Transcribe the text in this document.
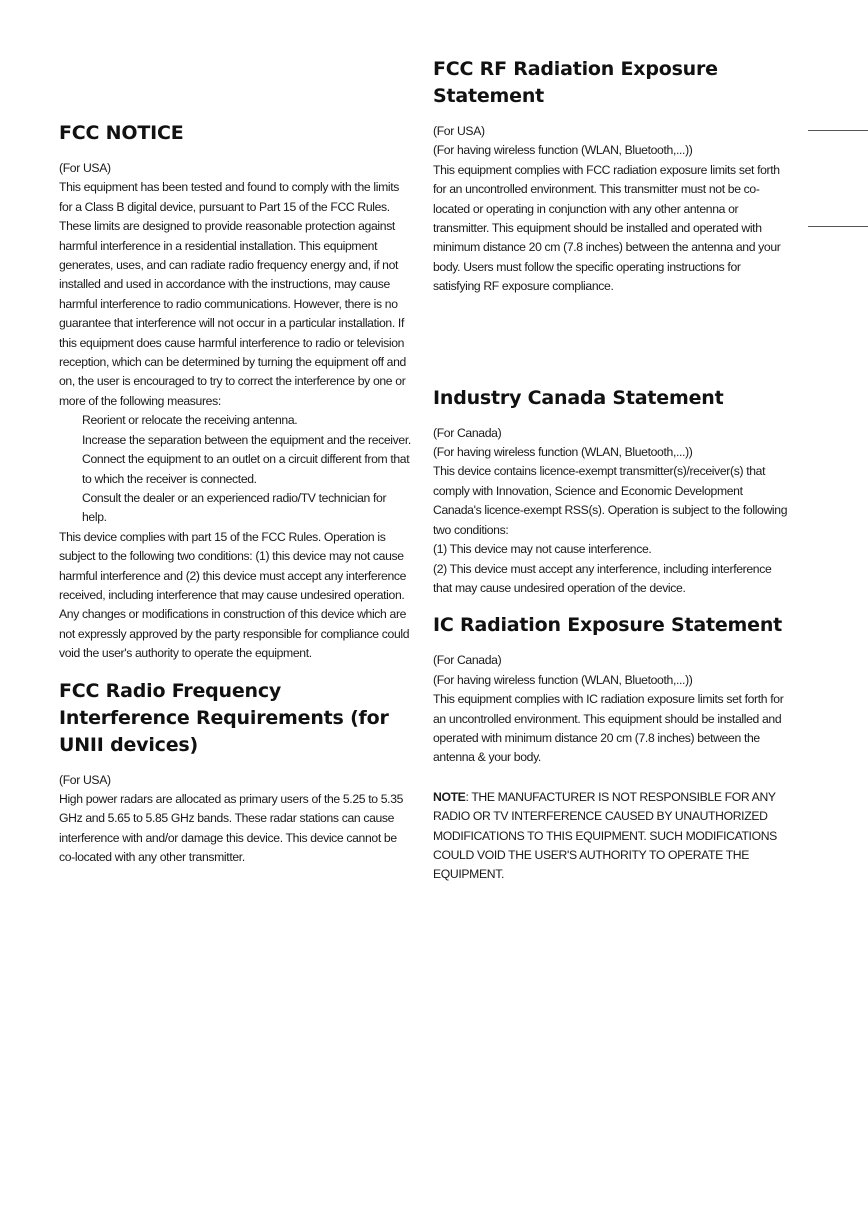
FCC NOTICE

(For USA)

This equipment has been tested and found to comply with the limits for a Class B digital device, pursuant to Part 15 of the FCC Rules. These limits are designed to provide reasonable protection against harmful interference in a residential installation. This equipment generates, uses, and can radiate radio frequency energy and, if not installed and used in accordance with the instructions, may cause harmful interference to radio communications. However, there is no guarantee that interference will not occur in a particular installation. If this equipment does cause harmful interference to radio or television reception, which can be determined by turning the equipment off and on, the user is encouraged to try to correct the interference by one or more of the following measures:

Reorient or relocate the receiving antenna.

Increase the separation between the equipment and the receiver.

Connect the equipment to an outlet on a circuit different from that to which the receiver is connected.

Consult the dealer or an experienced radio/TV technician for help.

This device complies with part 15 of the FCC Rules. Operation is subject to the following two conditions: (1) this device may not cause harmful interference and (2) this device must accept any interference received, including interference that may cause undesired operation. Any changes or modifications in construction of this device which are not expressly approved by the party responsible for compliance could void the user's authority to operate the equipment.

FCC Radio Frequency Interference Requirements (for UNII devices)

(For USA)

High power radars are allocated as primary users of the 5.25 to 5.35 GHz and 5.65 to 5.85 GHz bands. These radar stations can cause interference with and/or damage this device. This device cannot be co-located with any other transmitter.

FCC RF Radiation Exposure Statement

(For USA)

(For having wireless function (WLAN, Bluetooth,...))

This equipment complies with FCC radiation exposure limits set forth for an uncontrolled environment. This transmitter must not be co-located or operating in conjunction with any other antenna or transmitter. This equipment should be installed and operated with minimum distance 20 cm (7.8 inches) between the antenna and your body. Users must follow the specific operating instructions for satisfying RF exposure compliance.

Industry Canada Statement

(For Canada)

(For having wireless function (WLAN, Bluetooth,...))

This device contains licence-exempt transmitter(s)/receiver(s) that comply with Innovation, Science and Economic Development Canada's licence-exempt RSS(s). Operation is subject to the following two conditions:

(1) This device may not cause interference.

(2) This device must accept any interference, including interference that may cause undesired operation of the device.

IC Radiation Exposure Statement

(For Canada)

(For having wireless function (WLAN, Bluetooth,...))

This equipment complies with IC radiation exposure limits set forth for an uncontrolled environment. This equipment should be installed and operated with minimum distance 20 cm (7.8 inches) between the antenna & your body.

NOTE: THE MANUFACTURER IS NOT RESPONSIBLE FOR ANY RADIO OR TV INTERFERENCE CAUSED BY UNAUTHORIZED MODIFICATIONS TO THIS EQUIPMENT. SUCH MODIFICATIONS COULD VOID THE USER'S AUTHORITY TO OPERATE THE EQUIPMENT.
